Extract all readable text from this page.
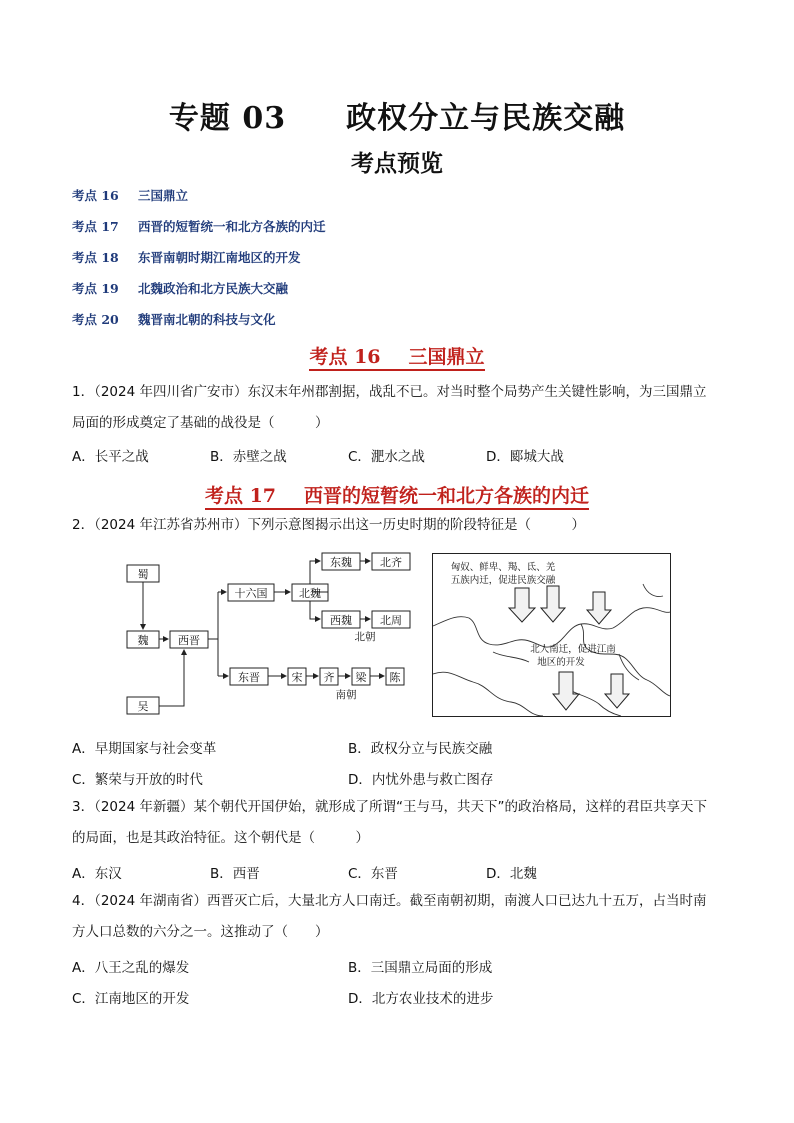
专题 03 政权分立与民族交融
考点预览
考点 16 三国鼎立
考点 17 西晋的短暂统一和北方各族的内迁
考点 18 东晋南朝时期江南地区的开发
考点 19 北魏政治和北方民族大交融
考点 20 魏晋南北朝的科技与文化
考点 16 三国鼎立
1．（2024 年四川省广安市）东汉末年州郡割据，战乱不已。对当时整个局势产生关键性影响，为三国鼎立
局面的形成奠定了基础的战役是（　　　）
A．长平之战	B．赤壁之战	C．淝水之战	D．郾城大战
考点 17 西晋的短暂统一和北方各族的内迁
2．（2024 年江苏省苏州市）下列示意图揭示出这一历史时期的阶段特征是（　　　）
蜀
魏
吴
西晋
十六国	北魏
东魏	北齐
西魏	北周
东晋	宋 齐 梁 陈
北朝
南朝
匈奴、鲜卑、羯、氐、羌
五族内迁，促进民族交融
北人南迁，促进江南
地区的开发
A．早期国家与社会变革	B．政权分立与民族交融
C．繁荣与开放的时代	D．内忧外患与救亡图存
3．（2024 年新疆）某个朝代开国伊始，就形成了所谓“王与马，共天下”的政治格局，这样的君臣共享天下
的局面，也是其政治特征。这个朝代是（　　　）
A．东汉	B．西晋	C．东晋	D．北魏
4．（2024 年湖南省）西晋灭亡后，大量北方人口南迁。截至南朝初期，南渡人口已达九十五万，占当时南
方人口总数的六分之一。这推动了（　　）
A．八王之乱的爆发	B．三国鼎立局面的形成
C．江南地区的开发	D．北方农业技术的进步
